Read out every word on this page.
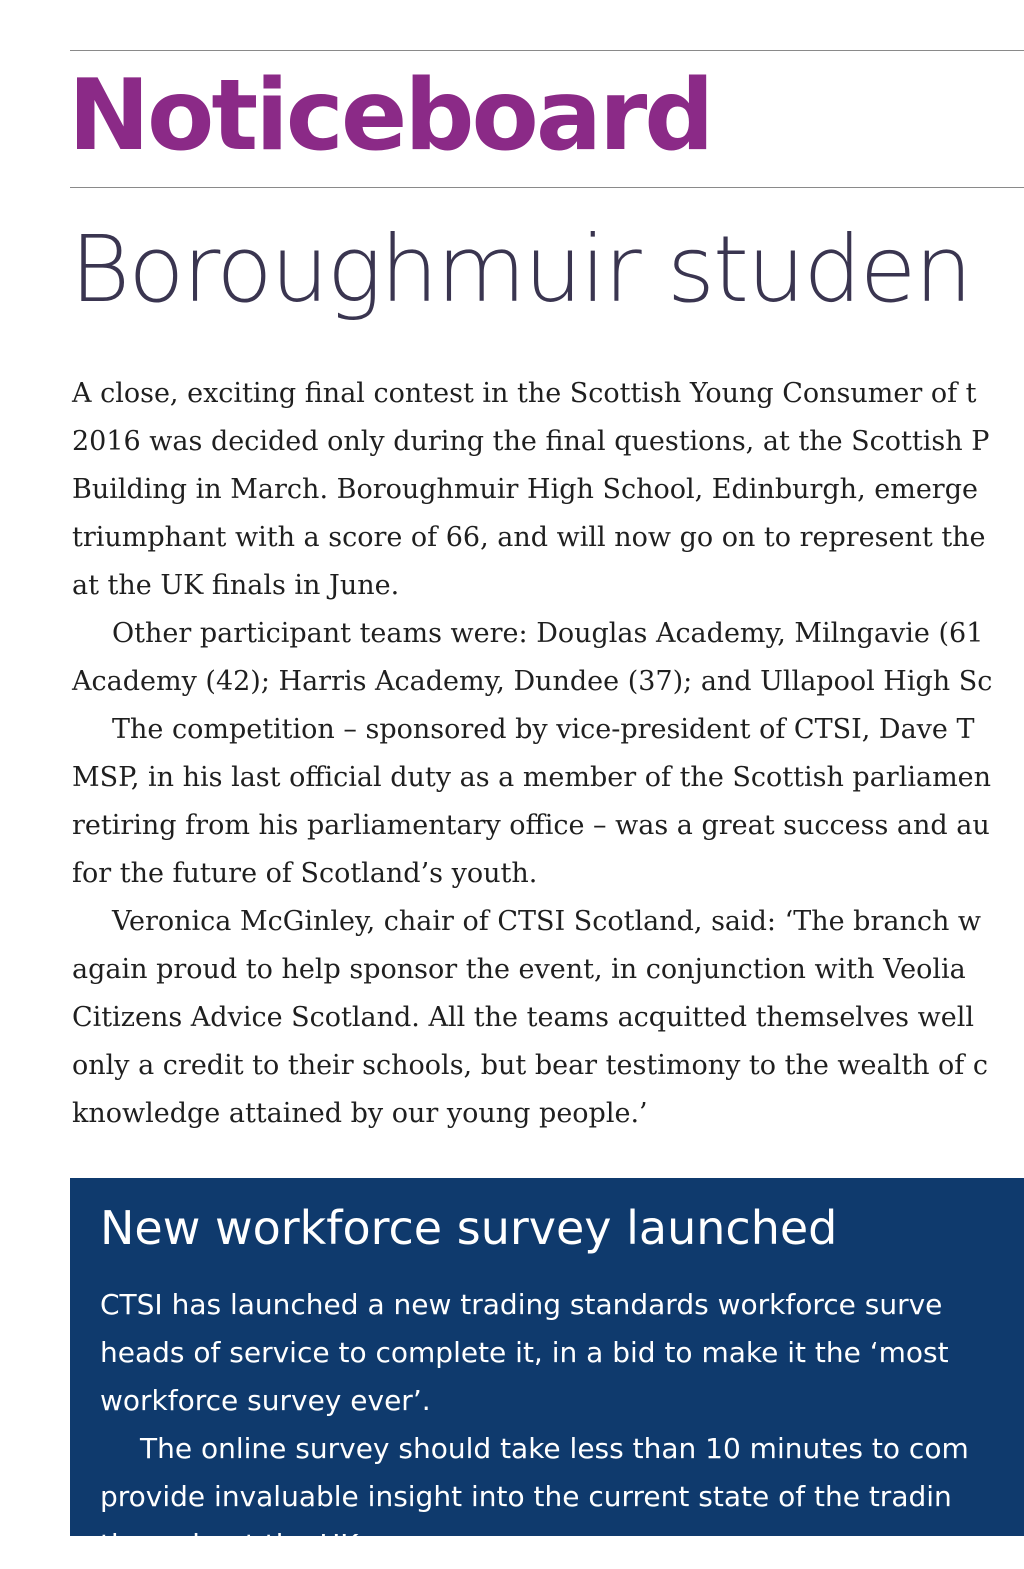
Noticeboard
Boroughmuir studen
A close, exciting final contest in the Scottish Young Consumer of t
2016 was decided only during the final questions, at the Scottish P
Building in March. Boroughmuir High School, Edinburgh, emerge
triumphant with a score of 66, and will now go on to represent the
at the UK finals in June.
Other participant teams were: Douglas Academy, Milngavie (61
Academy (42); Harris Academy, Dundee (37); and Ullapool High Sc
The competition – sponsored by vice-president of CTSI, Dave T
MSP, in his last official duty as a member of the Scottish parliamen
retiring from his parliamentary office – was a great success and au
for the future of Scotland’s youth.
Veronica McGinley, chair of CTSI Scotland, said: ‘The branch w
again proud to help sponsor the event, in conjunction with Veolia
Citizens Advice Scotland. All the teams acquitted themselves well
only a credit to their schools, but bear testimony to the wealth of c
knowledge attained by our young people.’
New workforce survey launched
CTSI has launched a new trading standards workforce surve
heads of service to complete it, in a bid to make it the ‘most
workforce survey ever’.
The online survey should take less than 10 minutes to com
provide invaluable insight into the current state of the tradin
throughout the UK
